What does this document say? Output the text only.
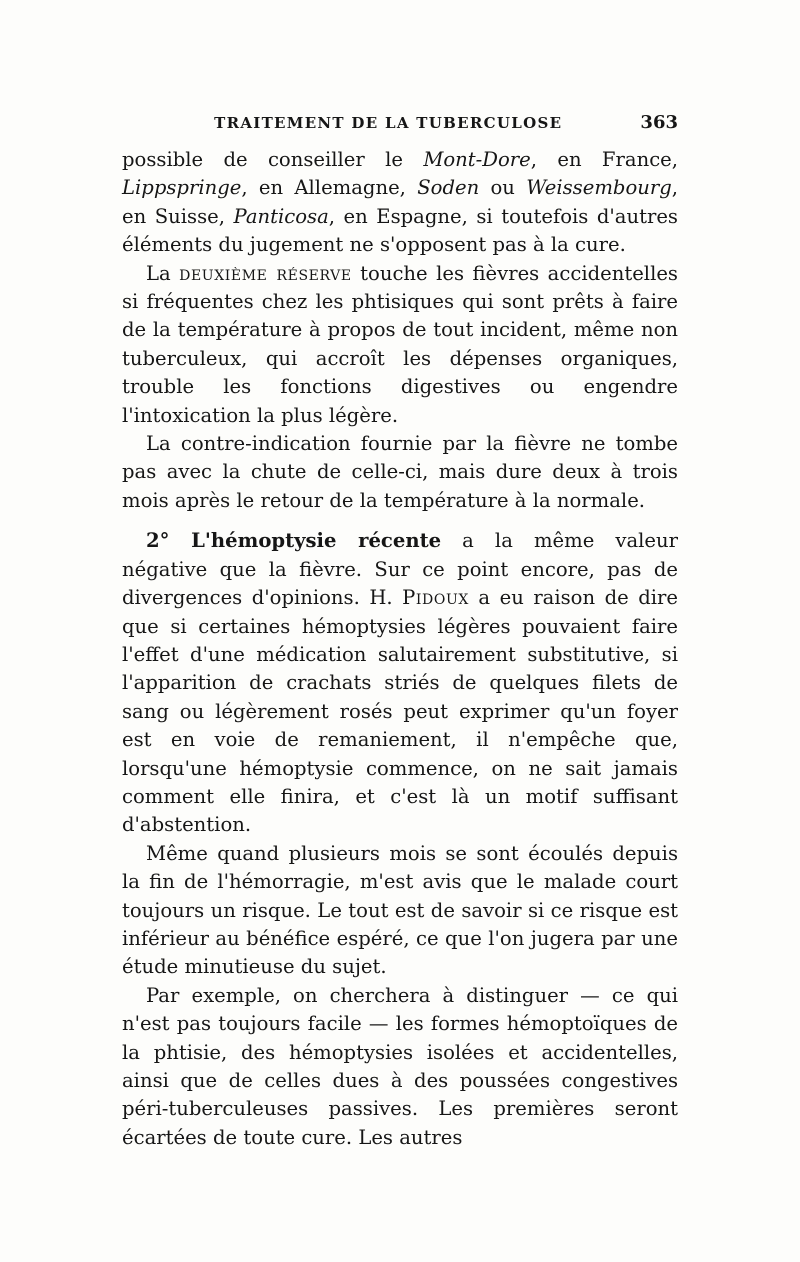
TRAITEMENT DE LA TUBERCULOSE	363

possible de conseiller le Mont-Dore, en France, Lippspringe, en Allemagne, Soden ou Weissembourg, en Suisse, Panticosa, en Espagne, si toutefois d'autres éléments du jugement ne s'opposent pas à la cure.

La deuxième réserve touche les fièvres accidentelles si fréquentes chez les phtisiques qui sont prêts à faire de la température à propos de tout incident, même non tuberculeux, qui accroît les dépenses organiques, trouble les fonctions digestives ou engendre l'intoxication la plus légère.

La contre-indication fournie par la fièvre ne tombe pas avec la chute de celle-ci, mais dure deux à trois mois après le retour de la température à la normale.

2° L'hémoptysie récente a la même valeur négative que la fièvre. Sur ce point encore, pas de divergences d'opinions. H. Pidoux a eu raison de dire que si certaines hémoptysies légères pouvaient faire l'effet d'une médication salutairement substitutive, si l'apparition de crachats striés de quelques filets de sang ou légèrement rosés peut exprimer qu'un foyer est en voie de remaniement, il n'empêche que, lorsqu'une hémoptysie commence, on ne sait jamais comment elle finira, et c'est là un motif suffisant d'abstention.

Même quand plusieurs mois se sont écoulés depuis la fin de l'hémorragie, m'est avis que le malade court toujours un risque. Le tout est de savoir si ce risque est inférieur au bénéfice espéré, ce que l'on jugera par une étude minutieuse du sujet.

Par exemple, on cherchera à distinguer — ce qui n'est pas toujours facile — les formes hémoptoïques de la phtisie, des hémoptysies isolées et accidentelles, ainsi que de celles dues à des poussées congestives péri-tuberculeuses passives. Les premières seront écartées de toute cure. Les autres
